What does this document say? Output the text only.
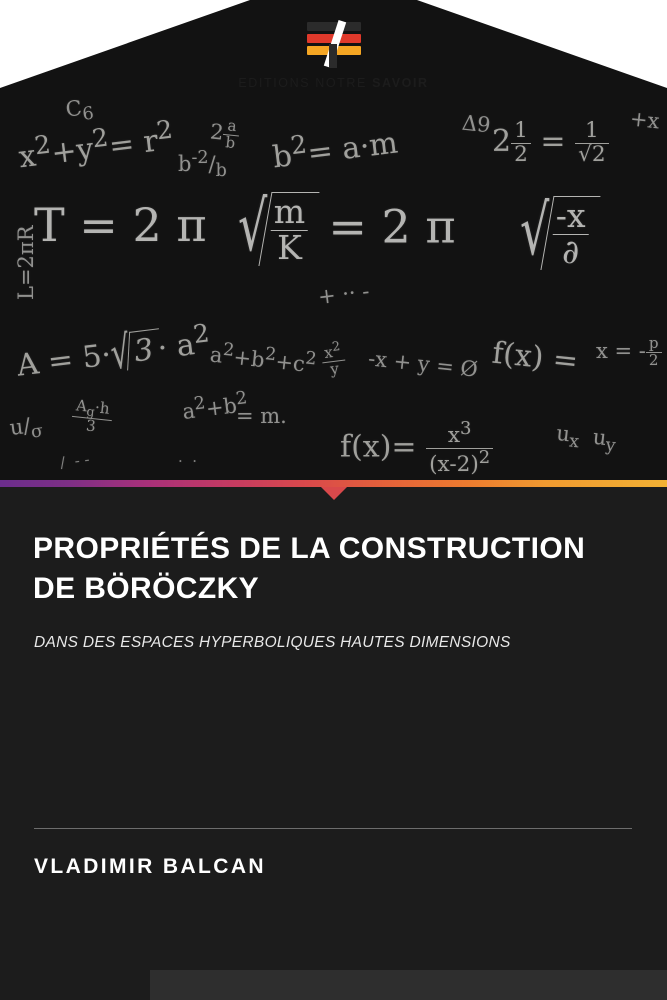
$C_6$
$x^2+y^2= r^2$ 2
$\frac{a}{b}$
$b^2= a\cdot m$
$b^{-2}/_b$
Δ9 $2 \frac{1}{2} = \frac{1}{√2}$
+x
L=2πR
T = 2 π √ $\frac{m}{K} = 2$ π √ $\frac{-x}{\partial}$
+ ·· -
$A = 5\cdot√3\cdot a^2$
$a^2+b^2+c^2 \frac{x^2}{y} -x + y$ = Ø f(x) = x = - $\frac{p}{2}$
$u/_\sigma \frac{A_g\cdot h}{3}$	$a^2+b^2$
= m.
$f(x)= \frac{x^3}{(x-2)^2}$	$u_x$  $u_y$
/  - -	·  ·
EDITIONS NOTRE SAVOIR
PROPRIÉTÉS DE LA CONSTRUCTION DE BÖRÖCZKY
DANS DES ESPACES HYPERBOLIQUES HAUTES DIMENSIONS
VLADIMIR BALCAN
